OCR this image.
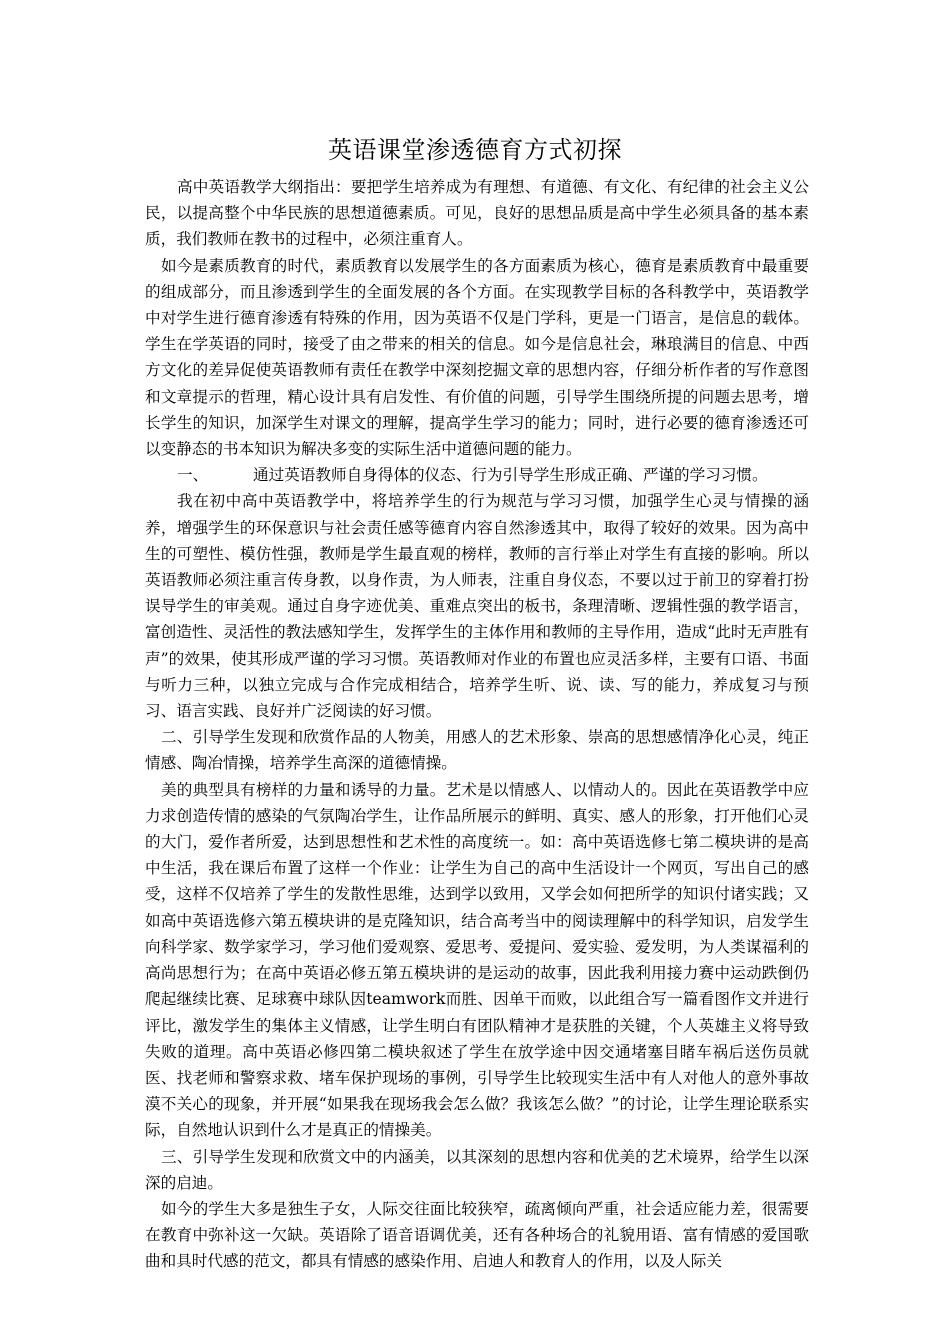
英语课堂渗透德育方式初探

高中英语教学大纲指出：要把学生培养成为有理想、有道德、有文化、有纪律的社会主义公民，以提高整个中华民族的思想道德素质。可见，良好的思想品质是高中学生必须具备的基本素质，我们教师在教书的过程中，必须注重育人。

如今是素质教育的时代，素质教育以发展学生的各方面素质为核心，德育是素质教育中最重要的组成部分，而且渗透到学生的全面发展的各个方面。在实现教学目标的各科教学中，英语教学中对学生进行德育渗透有特殊的作用，因为英语不仅是门学科，更是一门语言，是信息的载体。学生在学英语的同时，接受了由之带来的相关的信息。如今是信息社会，琳琅满目的信息、中西方文化的差异促使英语教师有责任在教学中深刻挖掘文章的思想内容，仔细分析作者的写作意图和文章提示的哲理，精心设计具有启发性、有价值的问题，引导学生围绕所提的问题去思考，增长学生的知识，加深学生对课文的理解，提高学生学习的能力；同时，进行必要的德育渗透还可以变静态的书本知识为解决多变的实际生活中道德问题的能力。

一、	通过英语教师自身得体的仪态、行为引导学生形成正确、严谨的学习习惯。

我在初中高中英语教学中，将培养学生的行为规范与学习习惯，加强学生心灵与情操的涵养，增强学生的环保意识与社会责任感等德育内容自然渗透其中，取得了较好的效果。因为高中生的可塑性、模仿性强，教师是学生最直观的榜样，教师的言行举止对学生有直接的影响。所以英语教师必须注重言传身教，以身作责，为人师表，注重自身仪态，不要以过于前卫的穿着打扮误导学生的审美观。通过自身字迹优美、重难点突出的板书，条理清晰、逻辑性强的教学语言，富创造性、灵活性的教法感知学生，发挥学生的主体作用和教师的主导作用，造成“此时无声胜有声”的效果，使其形成严谨的学习习惯。英语教师对作业的布置也应灵活多样，主要有口语、书面与听力三种，以独立完成与合作完成相结合，培养学生听、说、读、写的能力，养成复习与预习、语言实践、良好并广泛阅读的好习惯。

二、引导学生发现和欣赏作品的人物美，用感人的艺术形象、崇高的思想感情净化心灵，纯正情感、陶冶情操，培养学生高深的道德情操。

美的典型具有榜样的力量和诱导的力量。艺术是以情感人、以情动人的。因此在英语教学中应力求创造传情的感染的气氛陶冶学生，让作品所展示的鲜明、真实、感人的形象，打开他们心灵的大门，爱作者所爱，达到思想性和艺术性的高度统一。如：高中英语选修七第二模块讲的是高中生活，我在课后布置了这样一个作业：让学生为自己的高中生活设计一个网页，写出自己的感受，这样不仅培养了学生的发散性思维，达到学以致用，又学会如何把所学的知识付诸实践；又如高中英语选修六第五模块讲的是克隆知识，结合高考当中的阅读理解中的科学知识，启发学生向科学家、数学家学习，学习他们爱观察、爱思考、爱提问、爱实验、爱发明，为人类谋福利的高尚思想行为；在高中英语必修五第五模块讲的是运动的故事，因此我利用接力赛中运动跌倒仍爬起继续比赛、足球赛中球队因teamwork而胜、因单干而败，以此组合写一篇看图作文并进行评比，激发学生的集体主义情感，让学生明白有团队精神才是获胜的关键，个人英雄主义将导致失败的道理。高中英语必修四第二模块叙述了学生在放学途中因交通堵塞目睹车祸后送伤员就医、找老师和警察求救、堵车保护现场的事例，引导学生比较现实生活中有人对他人的意外事故漠不关心的现象，并开展“如果我在现场我会怎么做？我该怎么做？”的讨论，让学生理论联系实际，自然地认识到什么才是真正的情操美。

三、引导学生发现和欣赏文中的内涵美，以其深刻的思想内容和优美的艺术境界，给学生以深深的启迪。

如今的学生大多是独生子女，人际交往面比较狭窄，疏离倾向严重，社会适应能力差，很需要在教育中弥补这一欠缺。英语除了语音语调优美，还有各种场合的礼貌用语、富有情感的爱国歌曲和具时代感的范文，都具有情感的感染作用、启迪人和教育人的作用，以及人际关
